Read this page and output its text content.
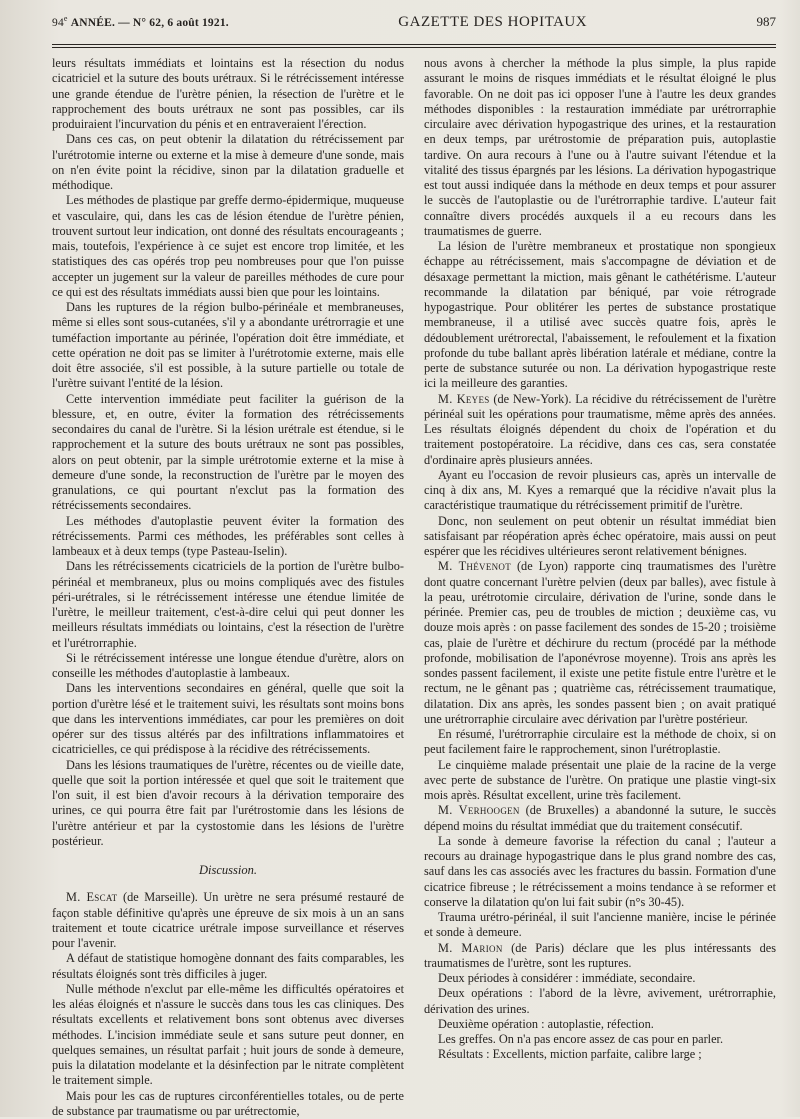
94e ANNÉE. — N° 62, 6 août 1921.	GAZETTE DES HOPITAUX	987

leurs résultats immédiats et lointains est la résection du nodus cicatriciel et la suture des bouts urétraux. Si le rétrécissement intéresse une grande étendue de l'urètre pénien, la résection de l'urètre et le rapprochement des bouts urétraux ne sont pas possibles, car ils produiraient l'incurvation du pénis et en entraveraient l'érection.

Dans ces cas, on peut obtenir la dilatation du rétrécissement par l'urétrotomie interne ou externe et la mise à demeure d'une sonde, mais on n'en évite point la récidive, sinon par la dilatation graduelle et méthodique.

Les méthodes de plastique par greffe dermo-épidermique, muqueuse et vasculaire, qui, dans les cas de lésion étendue de l'urètre pénien, trouvent surtout leur indication, ont donné des résultats encourageants ; mais, toutefois, l'expérience à ce sujet est encore trop limitée, et les statistiques des cas opérés trop peu nombreuses pour que l'on puisse accepter un jugement sur la valeur de pareilles méthodes de cure pour ce qui est des résultats immédiats aussi bien que pour les lointains.

Dans les ruptures de la région bulbo-périnéale et membraneuses, même si elles sont sous-cutanées, s'il y a abondante urétrorragie et une tuméfaction importante au périnée, l'opération doit être immédiate, et cette opération ne doit pas se limiter à l'urétrotomie externe, mais elle doit être associée, s'il est possible, à la suture partielle ou totale de l'urètre suivant l'entité de la lésion.

Cette intervention immédiate peut faciliter la guérison de la blessure, et, en outre, éviter la formation des rétrécissements secondaires du canal de l'urètre. Si la lésion urétrale est étendue, si le rapprochement et la suture des bouts urétraux ne sont pas possibles, alors on peut obtenir, par la simple urétrotomie externe et la mise à demeure d'une sonde, la reconstruction de l'urètre par le moyen des granulations, ce qui pourtant n'exclut pas la formation des rétrécissements secondaires.

Les méthodes d'autoplastie peuvent éviter la formation des rétrécissements. Parmi ces méthodes, les préférables sont celles à lambeaux et à deux temps (type Pasteau-Iselin).

Dans les rétrécissements cicatriciels de la portion de l'urètre bulbo-périnéal et membraneux, plus ou moins compliqués avec des fistules péri-urétrales, si le rétrécissement intéresse une étendue limitée de l'urètre, le meilleur traitement, c'est-à-dire celui qui peut donner les meilleurs résultats immédiats ou lointains, c'est la résection de l'urètre et l'urétrorraphie.

Si le rétrécissement intéresse une longue étendue d'urètre, alors on conseille les méthodes d'autoplastie à lambeaux.

Dans les interventions secondaires en général, quelle que soit la portion d'urètre lésé et le traitement suivi, les résultats sont moins bons que dans les interventions immédiates, car pour les premières on doit opérer sur des tissus altérés par des infiltrations inflammatoires et cicatricielles, ce qui prédispose à la récidive des rétrécissements.

Dans les lésions traumatiques de l'urètre, récentes ou de vieille date, quelle que soit la portion intéressée et quel que soit le traitement que l'on suit, il est bien d'avoir recours à la dérivation temporaire des urines, ce qui pourra être fait par l'urétrostomie dans les lésions de l'urètre antérieur et par la cystostomie dans les lésions de l'urètre postérieur.

Discussion.

M. Escat (de Marseille). Un urètre ne sera présumé restauré de façon stable définitive qu'après une épreuve de six mois à un an sans traitement et toute cicatrice urétrale impose surveillance et réserves pour l'avenir.

A défaut de statistique homogène donnant des faits comparables, les résultats éloignés sont très difficiles à juger.

Nulle méthode n'exclut par elle-même les difficultés opératoires et les aléas éloignés et n'assure le succès dans tous les cas cliniques. Des résultats excellents et relativement bons sont obtenus avec diverses méthodes. L'incision immédiate seule et sans suture peut donner, en quelques semaines, un résultat parfait ; huit jours de sonde à demeure, puis la dilatation modelante et la désinfection par le nitrate complètent le traitement simple.

Mais pour les cas de ruptures circonférentielles totales, ou de perte de substance par traumatisme ou par urétrectomie,

nous avons à chercher la méthode la plus simple, la plus rapide assurant le moins de risques immédiats et le résultat éloigné le plus favorable. On ne doit pas ici opposer l'une à l'autre les deux grandes méthodes disponibles : la restauration immédiate par urétrorraphie circulaire avec dérivation hypogastrique des urines, et la restauration en deux temps, par urétrostomie de préparation puis, autoplastie tardive. On aura recours à l'une ou à l'autre suivant l'étendue et la vitalité des tissus épargnés par les lésions. La dérivation hypogastrique est tout aussi indiquée dans la méthode en deux temps et pour assurer le succès de l'autoplastie ou de l'urétrorraphie tardive. L'auteur fait connaître divers procédés auxquels il a eu recours dans les traumatismes de guerre.

La lésion de l'urètre membraneux et prostatique non spongieux échappe au rétrécissement, mais s'accompagne de déviation et de désaxage permettant la miction, mais gênant le cathétérisme. L'auteur recommande la dilatation par béniqué, par voie rétrograde hypogastrique. Pour oblitérer les pertes de substance prostatique membraneuse, il a utilisé avec succès quatre fois, après le dédoublement urétrorectal, l'abaissement, le refoulement et la fixation profonde du tube ballant après libération latérale et médiane, contre la perte de substance suturée ou non. La dérivation hypogastrique reste ici la meilleure des garanties.

M. Keyes (de New-York). La récidive du rétrécissement de l'urètre périnéal suit les opérations pour traumatisme, même après des années. Les résultats éloignés dépendent du choix de l'opération et du traitement postopératoire. La récidive, dans ces cas, sera constatée d'ordinaire après plusieurs années.

Ayant eu l'occasion de revoir plusieurs cas, après un intervalle de cinq à dix ans, M. Kyes a remarqué que la récidive n'avait plus la caractéristique traumatique du rétrécissement primitif de l'urètre.

Donc, non seulement on peut obtenir un résultat immédiat bien satisfaisant par réopération après échec opératoire, mais aussi on peut espérer que les récidives ultérieures seront relativement bénignes.

M. Thévenot (de Lyon) rapporte cinq traumatismes des l'urètre dont quatre concernant l'urètre pelvien (deux par balles), avec fistule à la peau, urétrotomie circulaire, dérivation de l'urine, sonde dans le périnée. Premier cas, peu de troubles de miction ; deuxième cas, vu douze mois après : on passe facilement des sondes de 15-20 ; troisième cas, plaie de l'urètre et déchirure du rectum (procédé par la méthode profonde, mobilisation de l'aponévrose moyenne). Trois ans après les sondes passent facilement, il existe une petite fistule entre l'urètre et le rectum, ne le gênant pas ; quatrième cas, rétrécissement traumatique, dilatation. Dix ans après, les sondes passent bien ; on avait pratiqué une urétrorraphie circulaire avec dérivation par l'urètre postérieur.

En résumé, l'urétrorraphie circulaire est la méthode de choix, si on peut facilement faire le rapprochement, sinon l'urétroplastie.

Le cinquième malade présentait une plaie de la racine de la verge avec perte de substance de l'urètre. On pratique une plastie vingt-six mois après. Résultat excellent, urine très facilement.

M. Verhoogen (de Bruxelles) a abandonné la suture, le succès dépend moins du résultat immédiat que du traitement consécutif.

La sonde à demeure favorise la réfection du canal ; l'auteur a recours au drainage hypogastrique dans le plus grand nombre des cas, sauf dans les cas associés avec les fractures du bassin. Formation d'une cicatrice fibreuse ; le rétrécissement a moins tendance à se reformer et conserve la dilatation qu'on lui fait subir (n°s 30-45).

Trauma urétro-périnéal, il suit l'ancienne manière, incise le périnée et sonde à demeure.

M. Marion (de Paris) déclare que les plus intéressants des traumatismes de l'urètre, sont les ruptures.

Deux périodes à considérer : immédiate, secondaire.

Deux opérations : l'abord de la lèvre, avivement, urétrorraphie, dérivation des urines.

Deuxième opération : autoplastie, réfection.

Les greffes. On n'a pas encore assez de cas pour en parler.

Résultats : Excellents, miction parfaite, calibre large ;
